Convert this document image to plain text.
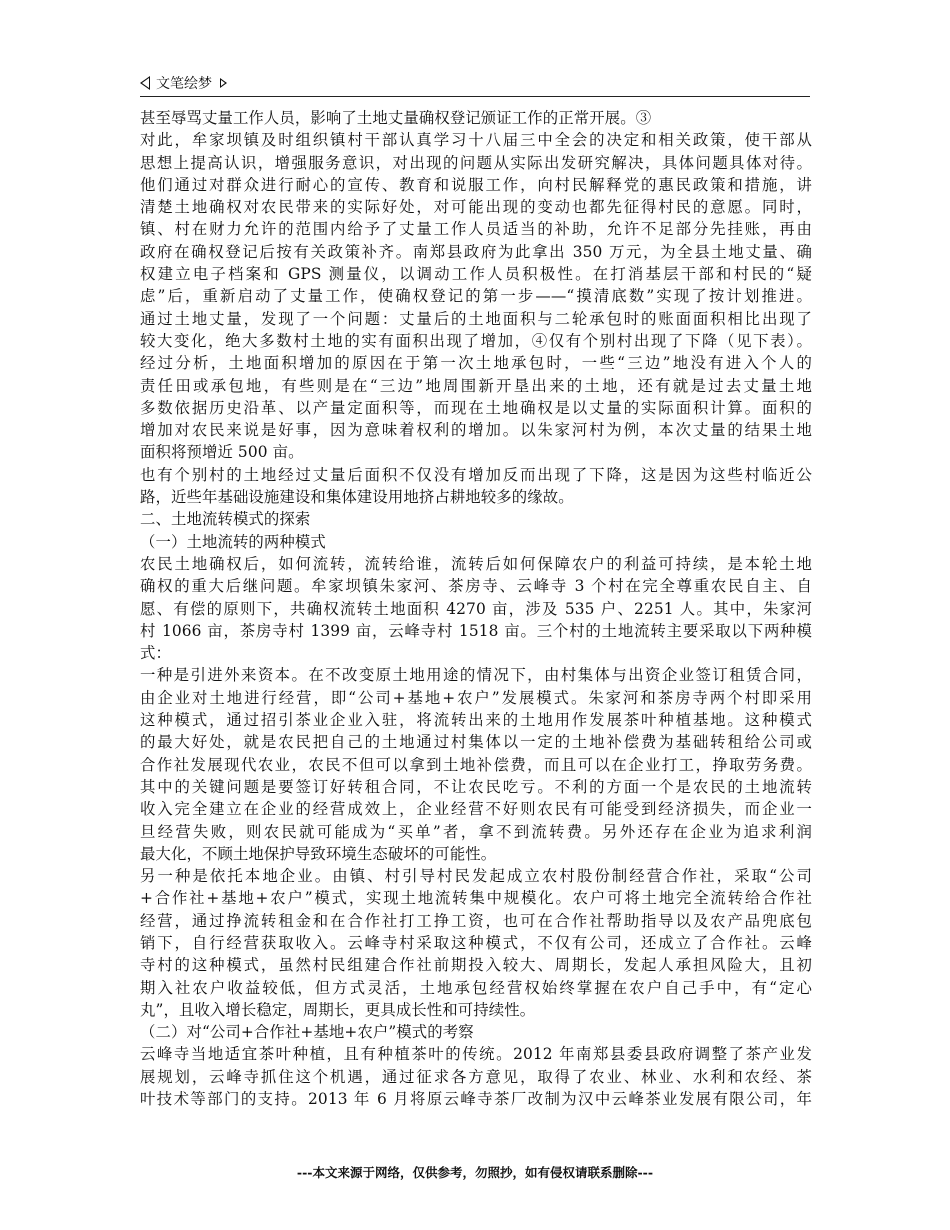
文笔绘梦
甚至辱骂丈量工作人员，影响了土地丈量确权登记颁证工作的正常开展。③
对此，牟家坝镇及时组织镇村干部认真学习十八届三中全会的决定和相关政策，使干部从
思想上提高认识，增强服务意识，对出现的问题从实际出发研究解决，具体问题具体对待。
他们通过对群众进行耐心的宣传、教育和说服工作，向村民解释党的惠民政策和措施，讲
清楚土地确权对农民带来的实际好处，对可能出现的变动也都先征得村民的意愿。同时，
镇、村在财力允许的范围内给予了丈量工作人员适当的补助，允许不足部分先挂账，再由
政府在确权登记后按有关政策补齐。南郑县政府为此拿出 350 万元，为全县土地丈量、确
权建立电子档案和 GPS 测量仪，以调动工作人员积极性。在打消基层干部和村民的“疑
虑”后，重新启动了丈量工作，使确权登记的第一步——“摸清底数”实现了按计划推进。
通过土地丈量，发现了一个问题：丈量后的土地面积与二轮承包时的账面面积相比出现了
较大变化，绝大多数村土地的实有面积出现了增加，④仅有个别村出现了下降（见下表）。
经过分析，土地面积增加的原因在于第一次土地承包时，一些“三边”地没有进入个人的
责任田或承包地，有些则是在“三边”地周围新开垦出来的土地，还有就是过去丈量土地
多数依据历史沿革、以产量定面积等，而现在土地确权是以丈量的实际面积计算。面积的
增加对农民来说是好事，因为意味着权利的增加。以朱家河村为例，本次丈量的结果土地
面积将预增近 500 亩。
也有个别村的土地经过丈量后面积不仅没有增加反而出现了下降，这是因为这些村临近公
路，近些年基础设施建设和集体建设用地挤占耕地较多的缘故。
二、土地流转模式的探索
（一）土地流转的两种模式
农民土地确权后，如何流转，流转给谁，流转后如何保障农户的利益可持续，是本轮土地
确权的重大后继问题。牟家坝镇朱家河、茶房寺、云峰寺 3 个村在完全尊重农民自主、自
愿、有偿的原则下，共确权流转土地面积 4270 亩，涉及 535 户、2251 人。其中，朱家河
村 1066 亩，茶房寺村 1399 亩，云峰寺村 1518 亩。三个村的土地流转主要采取以下两种模
式：
一种是引进外来资本。在不改变原土地用途的情况下，由村集体与出资企业签订租赁合同，
由企业对土地进行经营，即“公司+基地+农户”发展模式。朱家河和茶房寺两个村即采用
这种模式，通过招引茶业企业入驻，将流转出来的土地用作发展茶叶种植基地。这种模式
的最大好处，就是农民把自己的土地通过村集体以一定的土地补偿费为基础转租给公司或
合作社发展现代农业，农民不但可以拿到土地补偿费，而且可以在企业打工，挣取劳务费。
其中的关键问题是要签订好转租合同，不让农民吃亏。不利的方面一个是农民的土地流转
收入完全建立在企业的经营成效上，企业经营不好则农民有可能受到经济损失，而企业一
旦经营失败，则农民就可能成为“买单”者，拿不到流转费。另外还存在企业为追求利润
最大化，不顾土地保护导致环境生态破坏的可能性。
另一种是依托本地企业。由镇、村引导村民发起成立农村股份制经营合作社，采取“公司
+合作社+基地+农户”模式，实现土地流转集中规模化。农户可将土地完全流转给合作社
经营，通过挣流转租金和在合作社打工挣工资，也可在合作社帮助指导以及农产品兜底包
销下，自行经营获取收入。云峰寺村采取这种模式，不仅有公司，还成立了合作社。云峰
寺村的这种模式，虽然村民组建合作社前期投入较大、周期长，发起人承担风险大，且初
期入社农户收益较低，但方式灵活，土地承包经营权始终掌握在农户自己手中，有“定心
丸”，且收入增长稳定，周期长，更具成长性和可持续性。
（二）对“公司+合作社+基地+农户”模式的考察
云峰寺当地适宜茶叶种植，且有种植茶叶的传统。2012 年南郑县委县政府调整了茶产业发
展规划，云峰寺抓住这个机遇，通过征求各方意见，取得了农业、林业、水利和农经、茶
叶技术等部门的支持。2013 年 6 月将原云峰寺茶厂改制为汉中云峰茶业发展有限公司，年
---本文来源于网络，仅供参考，勿照抄，如有侵权请联系删除---
